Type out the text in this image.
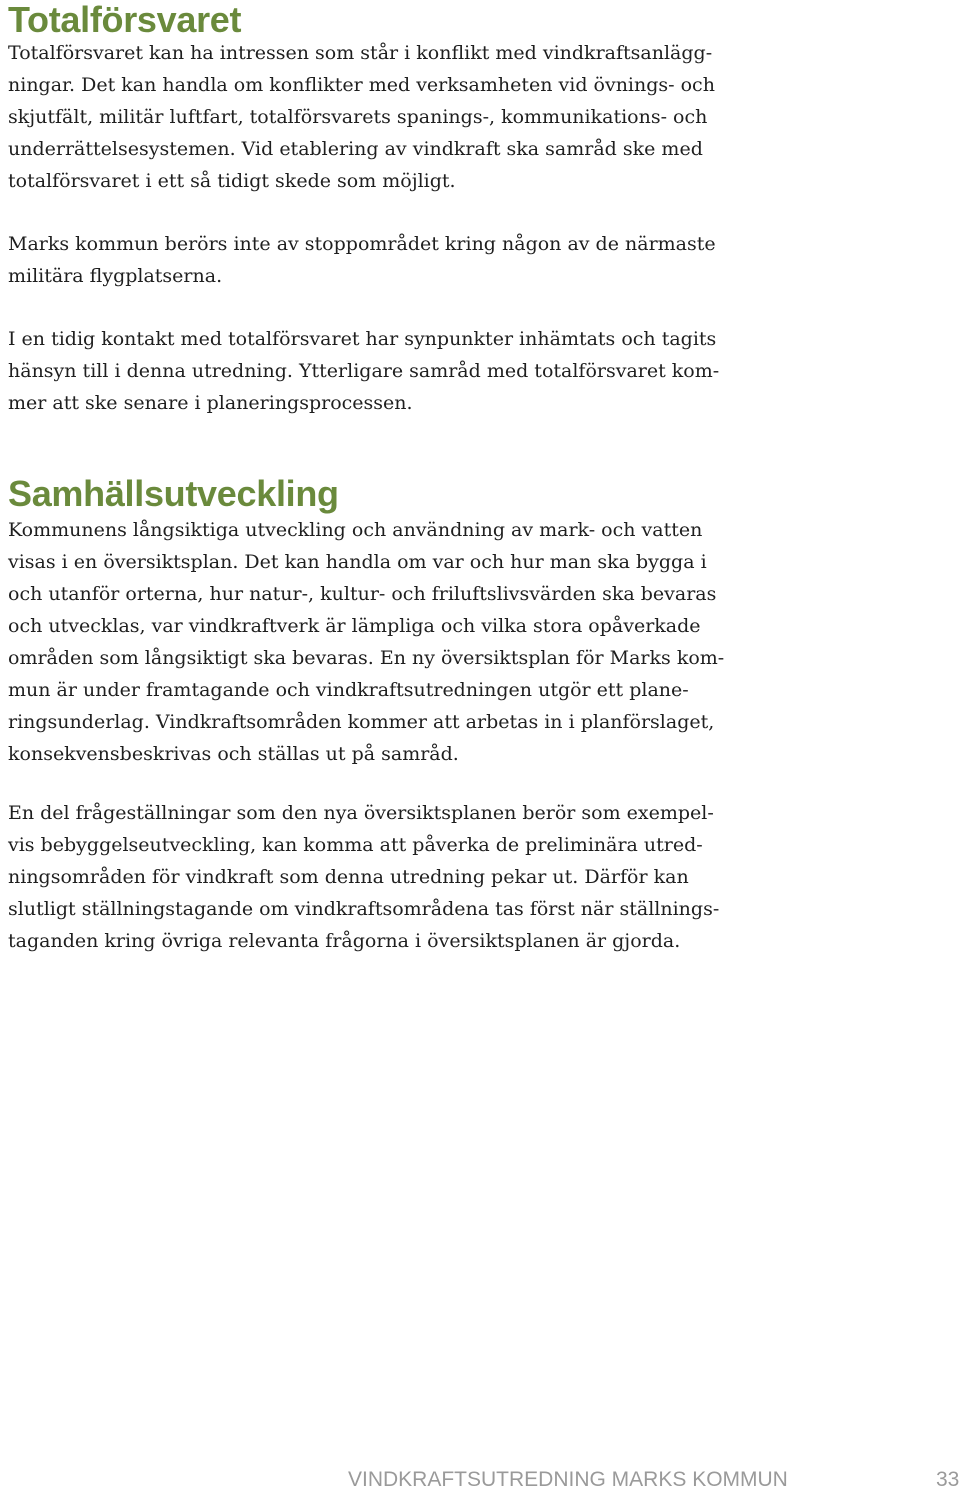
Totalförsvaret

Totalförsvaret kan ha intressen som står i konflikt med vindkraftsanlägg-
ningar. Det kan handla om konflikter med verksamheten vid övnings- och
skjutfält, militär luftfart, totalförsvarets spanings-, kommunikations- och
underrättelsesystemen. Vid etablering av vindkraft ska samråd ske med
totalförsvaret i ett så tidigt skede som möjligt.

Marks kommun berörs inte av stoppområdet kring någon av de närmaste
militära flygplatserna.

I en tidig kontakt med totalförsvaret har synpunkter inhämtats och tagits
hänsyn till i denna utredning. Ytterligare samråd med totalförsvaret kom-
mer att ske senare i planeringsprocessen.

Samhällsutveckling

Kommunens långsiktiga utveckling och användning av mark- och vatten
visas i en översiktsplan. Det kan handla om var och hur man ska bygga i
och utanför orterna, hur natur-, kultur- och friluftslivsvärden ska bevaras
och utvecklas, var vindkraftverk är lämpliga och vilka stora opåverkade
områden som långsiktigt ska bevaras. En ny översiktsplan för Marks kom-
mun är under framtagande och vindkraftsutredningen utgör ett plane-
ringsunderlag. Vindkraftsområden kommer att arbetas in i planförslaget,
konsekvensbeskrivas och ställas ut på samråd.

En del frågeställningar som den nya översiktsplanen berör som exempel-
vis bebyggelseutveckling, kan komma att påverka de preliminära utred-
ningsområden för vindkraft som denna utredning pekar ut. Därför kan
slutligt ställningstagande om vindkraftsområdena tas först när ställnings-
taganden kring övriga relevanta frågorna i översiktsplanen är gjorda.

VINDKRAFTSUTREDNING MARKS KOMMUN	33
